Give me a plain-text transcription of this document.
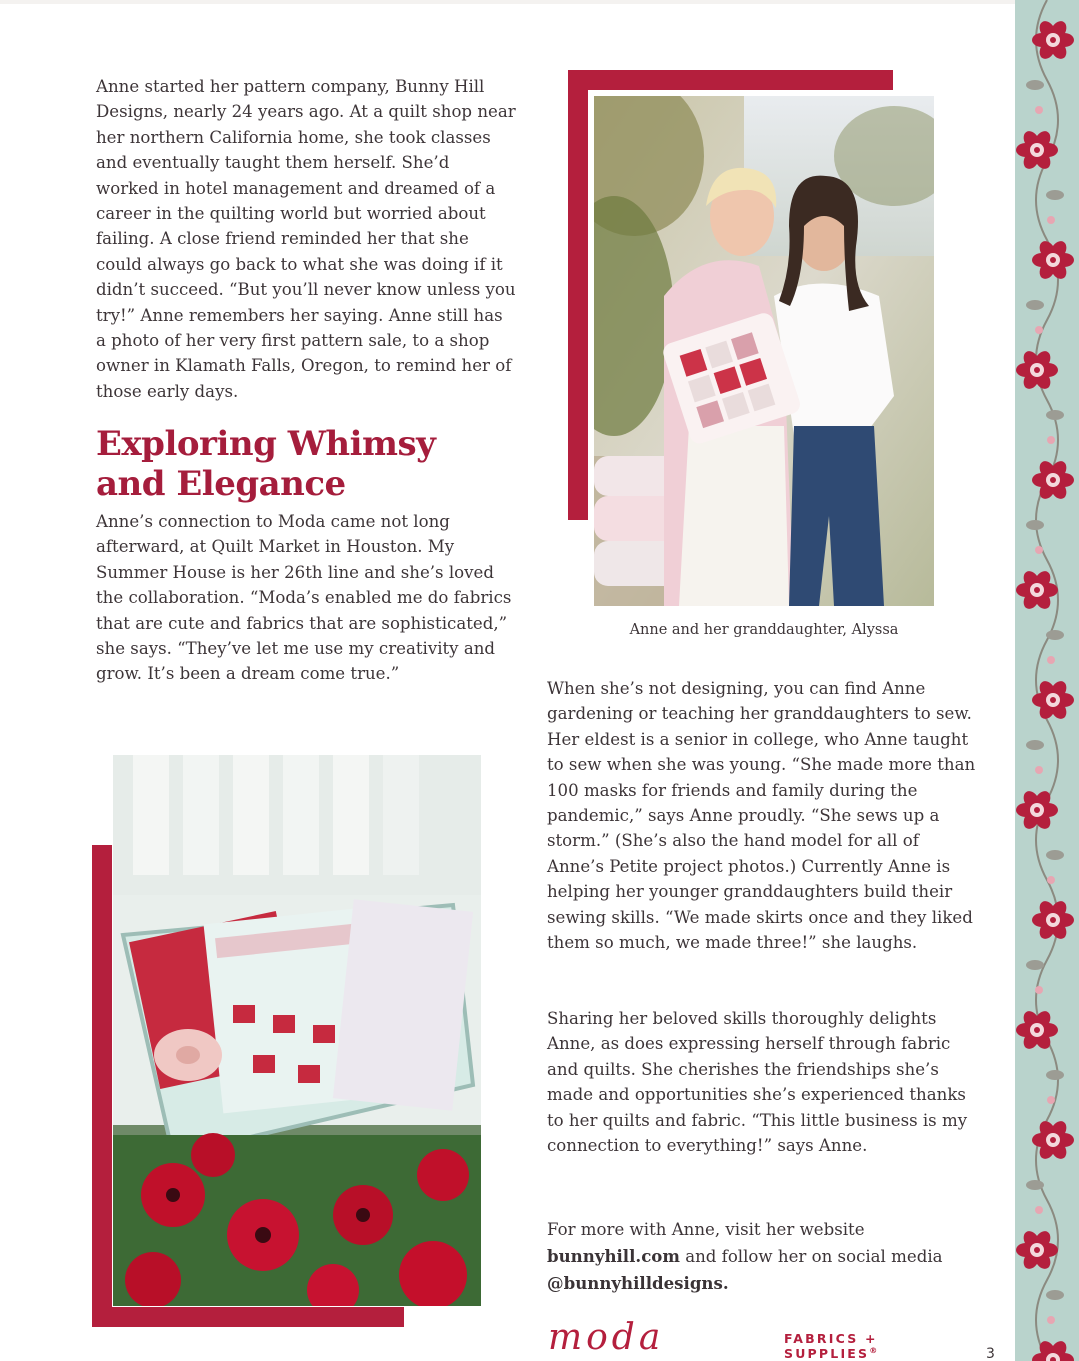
Anne started her pattern company, Bunny Hill Designs, nearly 24 years ago. At a quilt shop near her northern California home, she took classes and eventually taught them herself. She’d worked in hotel management and dreamed of a career in the quilting world but worried about failing. A close friend reminded her that she could always go back to what she was doing if it didn’t succeed. “But you’ll never know unless you try!” Anne remembers her saying. Anne still has a photo of her very first pattern sale, to a shop owner in Klamath Falls, Oregon, to remind her of those early days.

Exploring Whimsy
and Elegance

Anne’s connection to Moda came not long afterward, at Quilt Market in Houston. My Summer House is her 26th line and she’s loved the collaboration. “Moda’s enabled me do fabrics that are cute and fabrics that are sophisticated,” she says. “They’ve let me use my creativity and grow. It’s been a dream come true.”

Anne and her granddaughter, Alyssa

When she’s not designing, you can find Anne gardening or teaching her granddaughters to sew. Her eldest is a senior in college, who Anne taught to sew when she was young. “She made more than 100 masks for friends and family during the pandemic,” says Anne proudly. “She sews up a storm.” (She’s also the hand model for all of Anne’s Petite project photos.) Currently Anne is helping her younger granddaughters build their sewing skills. “We made skirts once and they liked them so much, we made three!” she laughs.

Sharing her beloved skills thoroughly delights Anne, as does expressing herself through fabric and quilts. She cherishes the friendships she’s made and opportunities she’s experienced thanks to her quilts and fabric. “This little business is my connection to everything!” says Anne.

For more with Anne, visit her website
bunnyhill.com and follow her on social media
@bunnyhilldesigns.
moda	FABRICS + SUPPLIES®	3
